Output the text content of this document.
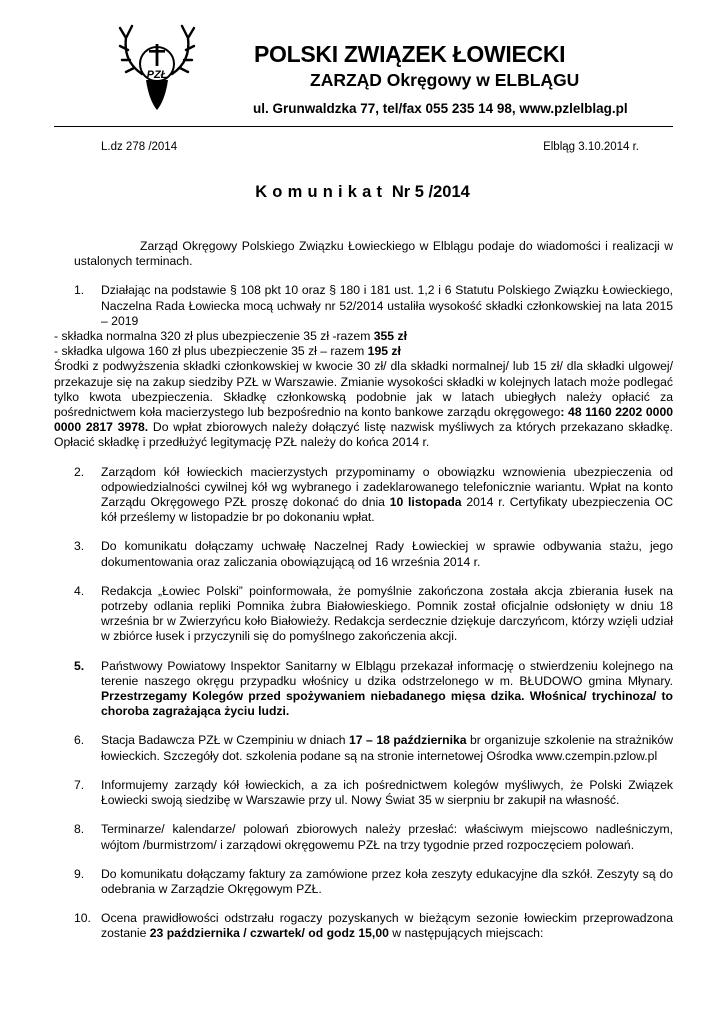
PZŁ
POLSKI ZWIĄZEK ŁOWIECKI
ZARZĄD Okręgowy w ELBLĄGU
ul. Grunwaldzka 77, tel/fax 055 235 14 98, www.pzlelblag.pl
L.dz 278 /2014	Elbląg 3.10.2014 r.
Komunikat Nr 5 /2014

Zarząd Okręgowy Polskiego Związku Łowieckiego w Elblągu podaje do wiadomości i realizacji w ustalonych terminach.

1.	Działając na podstawie § 108 pkt 10 oraz § 180 i 181 ust. 1,2 i 6 Statutu Polskiego Związku Łowieckiego, Naczelna Rada Łowiecka mocą uchwały nr 52/2014 ustaliła wysokość składki członkowskiej na lata 2015 – 2019
- składka normalna 320 zł plus ubezpieczenie 35 zł -razem 355 zł
- składka ulgowa 160 zł plus ubezpieczenie 35 zł – razem 195 zł

Środki z podwyższenia składki członkowskiej w kwocie 30 zł/ dla składki normalnej/ lub 15 zł/ dla składki ulgowej/ przekazuje się na zakup siedziby PZŁ w Warszawie. Zmianie wysokości składki w kolejnych latach może podlegać tylko kwota ubezpieczenia. Składkę członkowską podobnie jak w latach ubiegłych należy opłacić za pośrednictwem koła macierzystego lub bezpośrednio na konto bankowe zarządu okręgowego: 48 1160 2202 0000 0000 2817 3978. Do wpłat zbiorowych należy dołączyć listę nazwisk myśliwych za których przekazano składkę. Opłacić składkę i przedłużyć legitymację PZŁ należy do końca 2014 r.

2.	Zarządom kół łowieckich macierzystych przypominamy o obowiązku wznowienia ubezpieczenia od odpowiedzialności cywilnej kół wg wybranego i zadeklarowanego telefonicznie wariantu. Wpłat na konto Zarządu Okręgowego PZŁ proszę dokonać do dnia 10 listopada 2014 r. Certyfikaty ubezpieczenia OC kół prześlemy w listopadzie br po dokonaniu wpłat.
3.	Do komunikatu dołączamy uchwałę Naczelnej Rady Łowieckiej w sprawie odbywania stażu, jego dokumentowania oraz zaliczania obowiązującą od 16 września 2014 r.
4.	Redakcja „Łowiec Polski” poinformowała, że pomyślnie zakończona została akcja zbierania łusek na potrzeby odlania repliki Pomnika żubra Białowieskiego. Pomnik został oficjalnie odsłonięty w dniu 18 września br w Zwierzyńcu koło Białowieży. Redakcja serdecznie dziękuje darczyńcom, którzy wzięli udział w zbiórce łusek i przyczynili się do pomyślnego zakończenia akcji.
5.	Państwowy Powiatowy Inspektor Sanitarny w Elblągu przekazał informację o stwierdzeniu kolejnego na terenie naszego okręgu przypadku włośnicy u dzika odstrzelonego w m. BŁUDOWO gmina Młynary. Przestrzegamy Kolegów przed spożywaniem niebadanego mięsa dzika. Włośnica/ trychinoza/ to choroba zagrażająca życiu ludzi.
6.	Stacja Badawcza PZŁ w Czempiniu w dniach 17 – 18 października br organizuje szkolenie na strażników łowieckich. Szczegóły dot. szkolenia podane są na stronie internetowej Ośrodka www.czempin.pzlow.pl
7.	Informujemy zarządy kół łowieckich, a za ich pośrednictwem kolegów myśliwych, że Polski Związek Łowiecki swoją siedzibę w Warszawie przy ul. Nowy Świat 35 w sierpniu br zakupił na własność.
8.	Terminarze/ kalendarze/ polowań zbiorowych należy przesłać: właściwym miejscowo nadleśniczym, wójtom /burmistrzom/ i zarządowi okręgowemu PZŁ na trzy tygodnie przed rozpoczęciem polowań.
9.	Do komunikatu dołączamy faktury za zamówione przez koła zeszyty edukacyjne dla szkół. Zeszyty są do odebrania w Zarządzie Okręgowym PZŁ.
10. Ocena prawidłowości odstrzału rogaczy pozyskanych w bieżącym sezonie łowieckim przeprowadzona zostanie 23 października / czwartek/ od godz 15,00 w następujących miejscach:
